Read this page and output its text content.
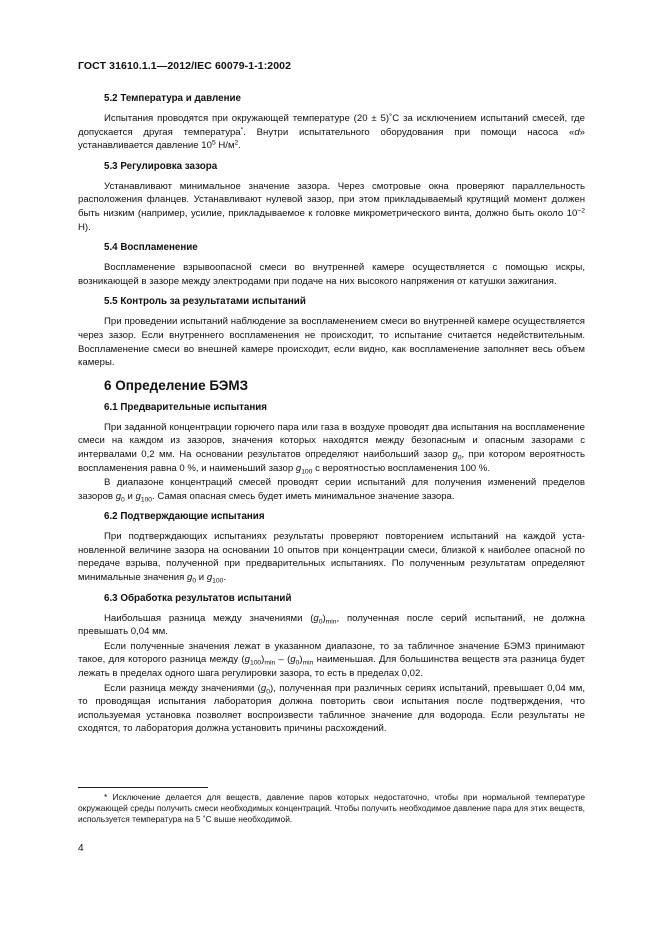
ГОСТ 31610.1.1—2012/IEC 60079-1-1:2002
5.2 Температура и давление

Испытания проводятся при окружающей температуре (20 ± 5)˚С за исключением испытаний смесей, где допускается другая температура*. Внутри испытательного оборудования при помощи насоса «d» устанавливается давление $10^5$ $Н/м^2$.

5.3 Регулировка зазора

Устанавливают минимальное значение зазора. Через смотровые окна проверяют параллельность расположения фланцев. Устанавливают нулевой зазор, при этом прикладываемый крутящий момент должен быть низким (например, усилие, прикладываемое к головке микрометрического винта, должно быть около $10^{-2}$ Н).

5.4 Воспламенение

Воспламенение взрывоопасной смеси во внутренней камере осуществляется с помощью искры, возникающей в зазоре между электродами при подаче на них высокого напряжения от катушки зажигания.

5.5 Контроль за результатами испытаний

При проведении испытаний наблюдение за воспламенением смеси во внутренней камере осуществляется через зазор. Если внутреннего воспламенения не происходит, то испытание считается недействительным. Воспламенение смеси во внешней камере происходит, если видно, как воспламенение заполняет весь объем камеры.

6 Определение БЭМЗ
6.1 Предварительные испытания

При заданной концентрации горючего пара или газа в воздухе проводят два испытания на воспламенение смеси на каждом из зазоров, значения которых находятся между безопасным и опасным зазорами с интервалами 0,2 мм. На основании результатов определяют наибольший зазор $g_0$, при котором вероятность воспламенения равна 0 %, и наименьший зазор $g_{100}$ с вероятностью воспламенения 100 %.

В диапазоне концентраций смесей проводят серии испытаний для получения изменений пределов зазоров $g_0$ и $g_{100}$. Самая опасная смесь будет иметь минимальное значение зазора.

6.2 Подтверждающие испытания

При подтверждающих испытаниях результаты проверяют повторением испытаний на каждой установленной величине зазора на основании 10 опытов при концентрации смеси, близкой к наиболее опасной по передаче взрыва, полученной при предварительных испытаниях. По полученным результатам определяют минимальные значения $g_0$ и $g_{100}$.

6.3 Обработка результатов испытаний

Наибольшая разница между значениями $(g_0)_{min}$, полученная после серий испытаний, не должна превышать 0,04 мм.

Если полученные значения лежат в указанном диапазоне, то за табличное значение БЭМЗ принимают такое, для которого разница между $(g_{100})_{min} - (g_0)_{min}$ наименьшая. Для большинства веществ эта разница будет лежать в пределах одного шага регулировки зазора, то есть в пределах 0,02.

Если разница между значениями $(g_0)$, полученная при различных сериях испытаний, превышает 0,04 мм, то проводящая испытания лаборатория должна повторить свои испытания после подтверждения, что используемая установка позволяет воспроизвести табличное значение для водорода. Если результаты не сходятся, то лаборатория должна установить причины расхождений.

* Исключение делается для веществ, давление паров которых недостаточно, чтобы при нормальной температуре окружающей среды получить смеси необходимых концентраций. Чтобы получить необходимое давление пара для этих веществ, используется температура на 5 ˚С выше необходимой.

4
